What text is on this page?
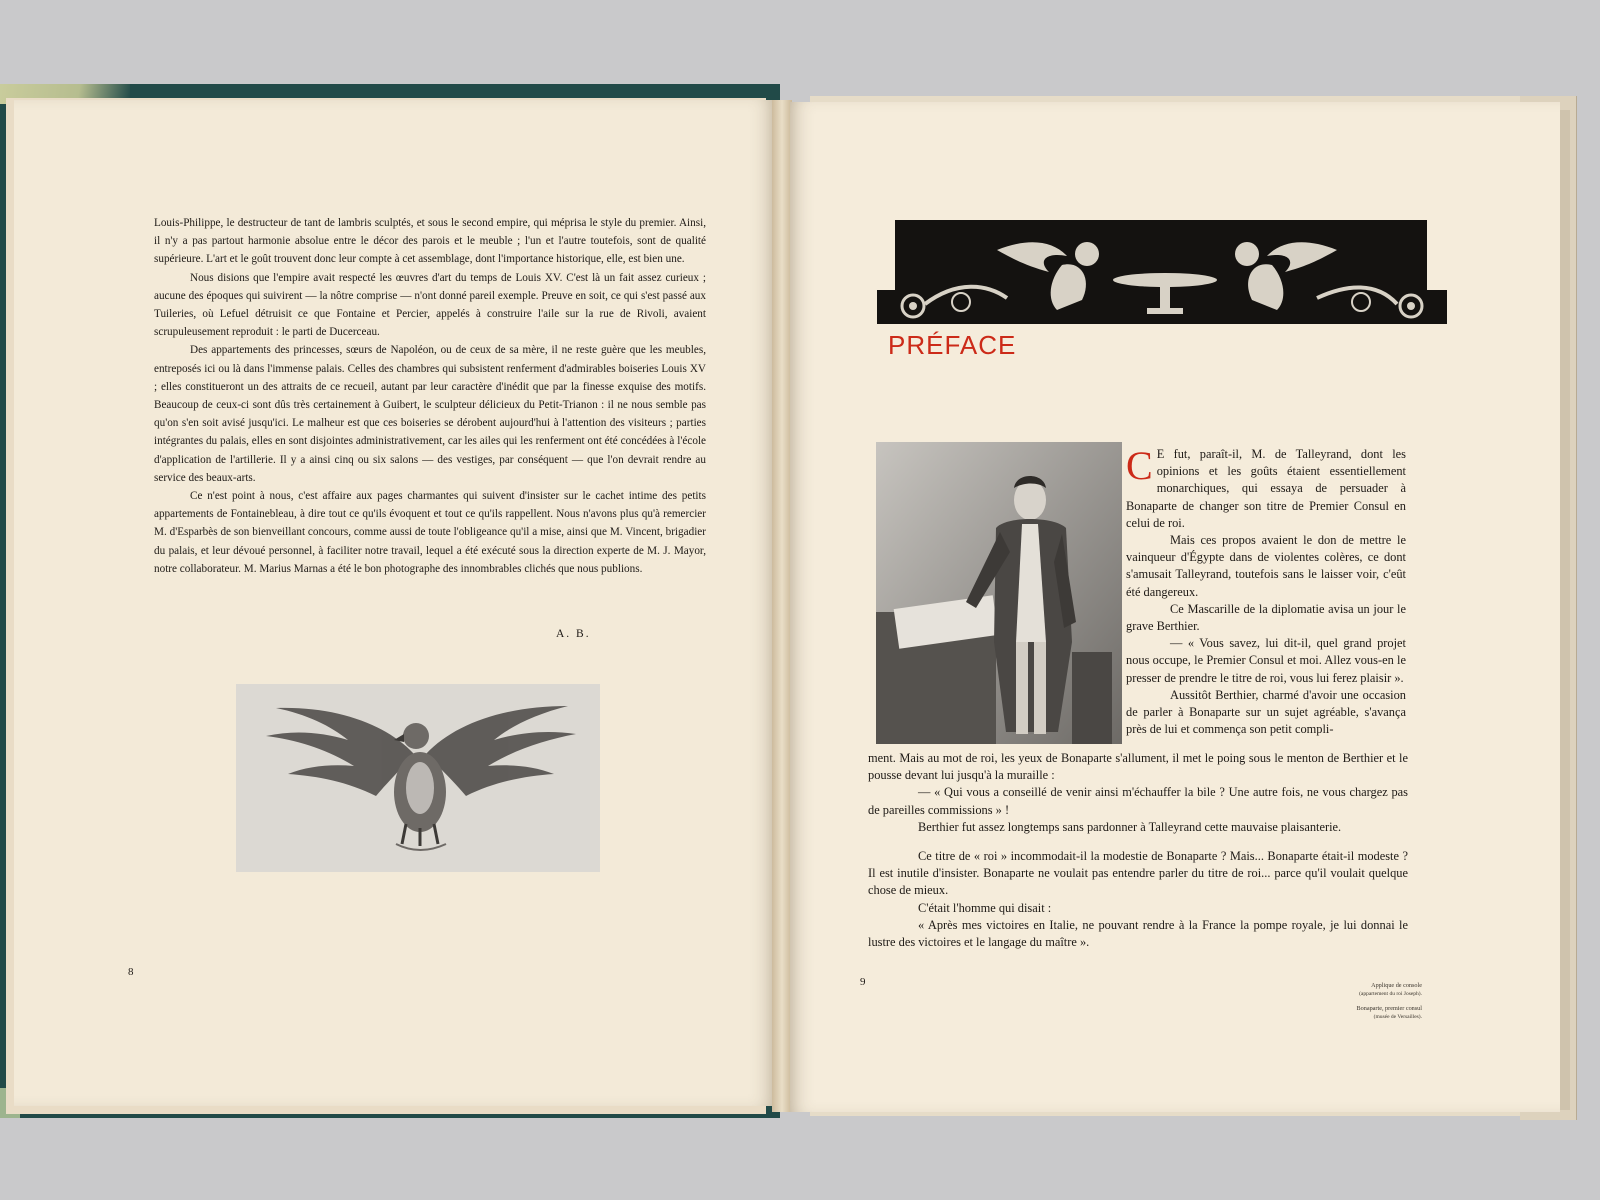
Louis-Philippe, le destructeur de tant de lambris sculptés, et sous le second empire, qui méprisa le style du premier. Ainsi, il n'y a pas partout harmonie absolue entre le décor des parois et le meuble ; l'un et l'autre toutefois, sont de qualité supérieure. L'art et le goût trouvent donc leur compte à cet assemblage, dont l'importance historique, elle, est bien une.

Nous disions que l'empire avait respecté les œuvres d'art du temps de Louis XV. C'est là un fait assez curieux ; aucune des époques qui suivirent — la nôtre comprise — n'ont donné pareil exemple. Preuve en soit, ce qui s'est passé aux Tuileries, où Lefuel détruisit ce que Fontaine et Percier, appelés à construire l'aile sur la rue de Rivoli, avaient scrupuleusement reproduit : le parti de Ducerceau.

Des appartements des princesses, sœurs de Napoléon, ou de ceux de sa mère, il ne reste guère que les meubles, entreposés ici ou là dans l'immense palais. Celles des chambres qui subsistent renferment d'admirables boiseries Louis XV ; elles constitueront un des attraits de ce recueil, autant par leur caractère d'inédit que par la finesse exquise des motifs. Beaucoup de ceux-ci sont dûs très certainement à Guibert, le sculpteur délicieux du Petit-Trianon : il ne nous semble pas qu'on s'en soit avisé jusqu'ici. Le malheur est que ces boiseries se dérobent aujourd'hui à l'attention des visiteurs ; parties intégrantes du palais, elles en sont disjointes administrativement, car les ailes qui les renferment ont été concédées à l'école d'application de l'artillerie. Il y a ainsi cinq ou six salons — des vestiges, par conséquent — que l'on devrait rendre au service des beaux-arts.

Ce n'est point à nous, c'est affaire aux pages charmantes qui suivent d'insister sur le cachet intime des petits appartements de Fontainebleau, à dire tout ce qu'ils évoquent et tout ce qu'ils rappellent. Nous n'avons plus qu'à remercier M. d'Esparbès de son bienveillant concours, comme aussi de toute l'obligeance qu'il a mise, ainsi que M. Vincent, brigadier du palais, et leur dévoué personnel, à faciliter notre travail, lequel a été exécuté sous la direction experte de M. J. Mayor, notre collaborateur. M. Marius Marnas a été le bon photographe des innombrables clichés que nous publions.

A. B.
8
PRÉFACE

C E fut, paraît-il, M. de Talleyrand, dont les opinions et les goûts étaient essentiellement monarchiques, qui essaya de persuader à Bonaparte de changer son titre de Premier Consul en celui de roi.

Mais ces propos avaient le don de mettre le vainqueur d'Égypte dans de violentes colères, ce dont s'amusait Talleyrand, toutefois sans le laisser voir, c'eût été dangereux.

Ce Mascarille de la diplomatie avisa un jour le grave Berthier.

— « Vous savez, lui dit-il, quel grand projet nous occupe, le Premier Consul et moi. Allez vous-en le presser de prendre le titre de roi, vous lui ferez plaisir ».

Aussitôt Berthier, charmé d'avoir une occasion de parler à Bonaparte sur un sujet agréable, s'avança près de lui et commença son petit compli-

ment. Mais au mot de roi, les yeux de Bonaparte s'allument, il met le poing sous le menton de Berthier et le pousse devant lui jusqu'à la muraille :

— « Qui vous a conseillé de venir ainsi m'échauffer la bile ? Une autre fois, ne vous chargez pas de pareilles commissions » !

Berthier fut assez longtemps sans pardonner à Talleyrand cette mauvaise plaisanterie.

Ce titre de « roi » incommodait-il la modestie de Bonaparte ? Mais... Bonaparte était-il modeste ? Il est inutile d'insister. Bonaparte ne voulait pas entendre parler du titre de roi... parce qu'il voulait quelque chose de mieux.

C'était l'homme qui disait :

« Après mes victoires en Italie, ne pouvant rendre à la France la pompe royale, je lui donnai le lustre des victoires et le langage du maître ».

9	Applique de console
(appartement du roi Joseph).
Bonaparte, premier consul
(musée de Versailles).
